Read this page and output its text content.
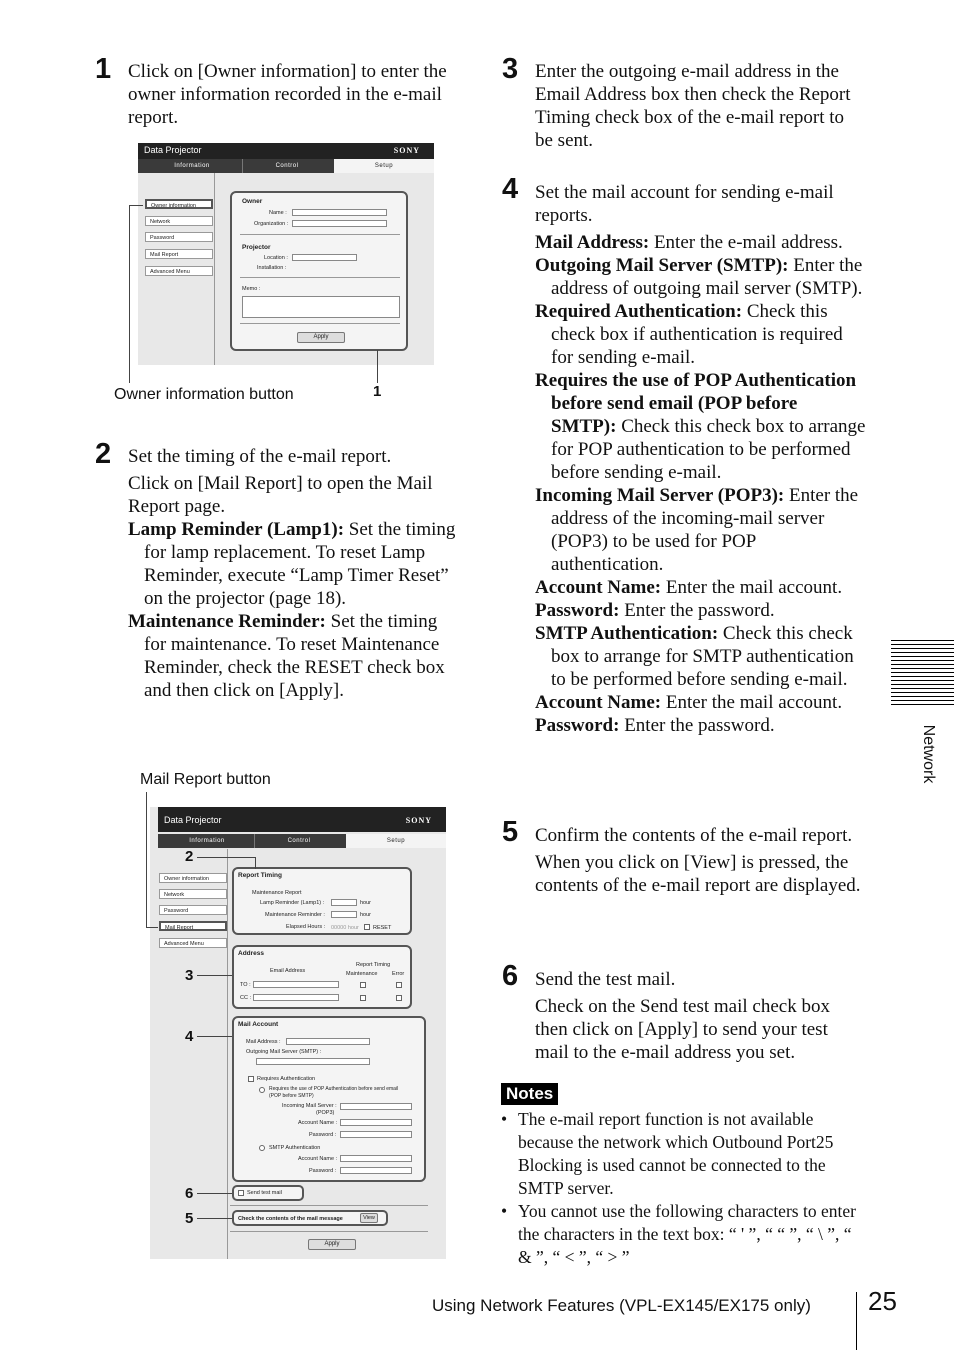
1 Click on [Owner information] to enter the owner information recorded in the e-mail report.
Data Projector	SONY
Information	Control	Setup
Owner information
Network
Password
Mail Report
Advanced Menu
Owner
Name :
Organization :
Projector
Location :
Installation :
Memo :
Apply
Owner information button	1
2 Set the timing of the e-mail report.

Click on [Mail Report] to open the Mail Report page.

Lamp Reminder (Lamp1): Set the timing for lamp replacement. To reset Lamp Reminder, execute “Lamp Timer Reset” on the projector (page 18).

Maintenance Reminder: Set the timing for maintenance. To reset Maintenance Reminder, check the RESET check box and then click on [Apply].

Mail Report button
Data Projector	SONY
Information	Control	Setup
Owner information
Network
Password
Mail Report
Advanced Menu
Report Timing
Maintenance Report
Lamp Reminder (Lamp1) :	hour
Maintenance Reminder :	hour
Elapsed Hours : 00000 hour	RESET
Address
Email Address
Report Timing
Maintenance	Error
TO :
CC :
Mail Account
Mail Address :
Outgoing Mail Server (SMTP) :
Requires Authentication
Requires the use of POP Authentication before send email
(POP before SMTP)
Incoming Mail Server :
(POP3)
Account Name :
Password :
SMTP Authentication
Account Name :
Password :
Send test mail
Check the contents of the mail message	View
Apply
2
3
4
6
5
3 Enter the outgoing e-mail address in the Email Address box then check the Report Timing check box of the e-mail report to be sent.
4 Set the mail account for sending e-mail reports.

Mail Address: Enter the e-mail address.

Outgoing Mail Server (SMTP): Enter the address of outgoing mail server (SMTP).

Required Authentication: Check this check box if authentication is required for sending e-mail.

Requires the use of POP Authentication before send email (POP before SMTP): Check this check box to arrange for POP authentication to be performed before sending e-mail.

Incoming Mail Server (POP3): Enter the address of the incoming-mail server (POP3) to be used for POP authentication.

Account Name: Enter the mail account.

Password: Enter the password.

SMTP Authentication: Check this check box to arrange for SMTP authentication to be performed before sending e-mail.

Account Name: Enter the mail account.

Password: Enter the password.

5 Confirm the contents of the e-mail report.

When you click on [View] is pressed, the contents of the e-mail report are displayed.

6 Send the test mail.

Check on the Send test mail check box then click on [Apply] to send your test mail to the e-mail address you set.

Notes
• The e-mail report function is not available because the network which Outbound Port25 Blocking is used cannot be connected to the SMTP server.
• You cannot use the following characters to enter the characters in the text box: “ ' ”, “ “ ”, “ \ ”, “ & ”, “ < ”, “ > ”
Network
Using Network Features (VPL-EX145/EX175 only) 25
